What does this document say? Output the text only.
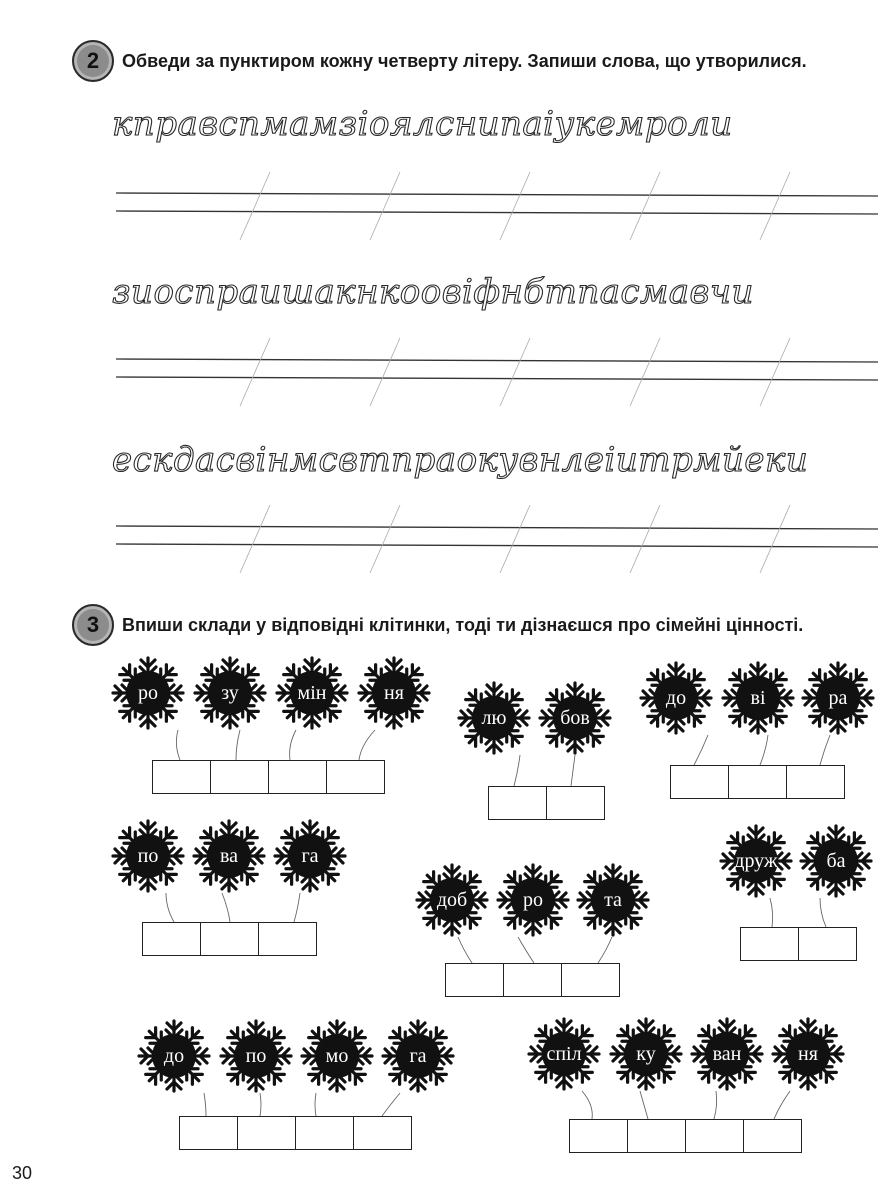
2	Обведи за пунктиром кожну четверту літеру. Запиши слова, що утворилися.
кправспмамзіоялснипаіукемроли
зиоспраишакнкоовіфнбтпасмавчи
ескдасвінмсвтпраокувнлеіитрмйекu
3	Впиши склади у відповідні клітинки, тоді ти дізнаєшся про сімейні цінності.
ро	зу	мін	ня
лю	бов
до	ві	ра
по	ва	га
доб	ро	та
друж	ба
до	по	мо	га	спіл	ку	ван	ня
30
